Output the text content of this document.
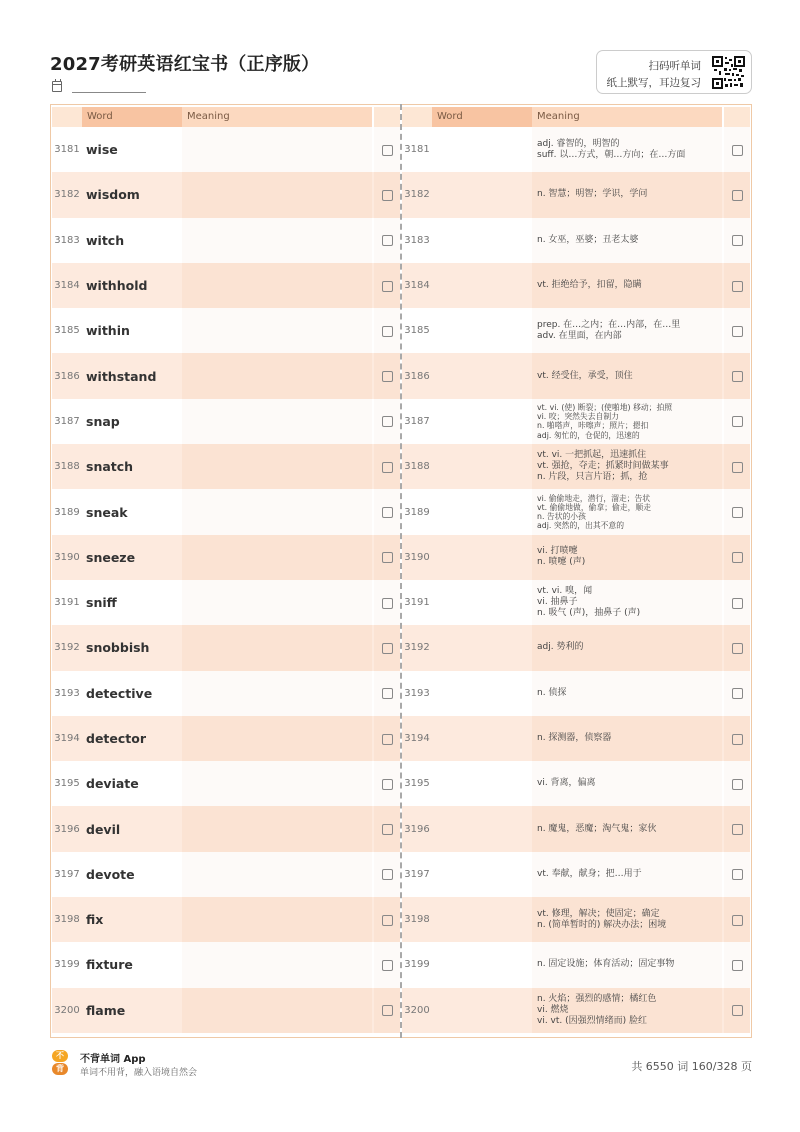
2027考研英语红宝书（正序版）	扫码听单词
纸上默写，耳边复习
Word	Meaning
3181 wise
3182 wisdom
3183 witch
3184 withhold
3185 within
3186 withstand
3187 snap
3188 snatch
3189 sneak
3190 sneeze
3191 sniff
3192 snobbish
3193 detective
3194 detector
3195 deviate
3196 devil
3197 devote
3198 fix
3199 fixture
3200 flame
Word	Meaning
3181
adj. 睿智的，明智的
suff. 以…方式，朝…方向；在…方面
3182	n. 智慧；明智；学识，学问
3183	n. 女巫，巫婆；丑老太婆
3184	vt. 拒绝给予，扣留，隐瞒
3185
prep. 在…之内；在…内部，在…里
adv. 在里面，在内部
3186	vt. 经受住，承受，顶住
3187
vt. vi. (使) 断裂；(使啪地) 移动；拍照
vi. 咬；突然失去自制力
n. 啪嗒声，咔嚓声；照片；摁扣
adj. 匆忙的，仓促的，迅速的
3188
vt. vi. 一把抓起，迅速抓住
vt. 强抢，夺走；抓紧时间做某事
n. 片段，只言片语；抓，抢
3189
vi. 偷偷地走，潜行，溜走；告状
vt. 偷偷地做，偷拿；偷走，顺走
n. 告状的小孩
adj. 突然的，出其不意的
3190
vi. 打喷嚏
n. 喷嚏 (声)
3191
vt. vi. 嗅，闻
vi. 抽鼻子
n. 吸气 (声)，抽鼻子 (声)
3192	adj. 势利的
3193	n. 侦探
3194	n. 探测器，侦察器
3195	vi. 背离，偏离
3196	n. 魔鬼，恶魔；淘气鬼；家伙
3197	vt. 奉献，献身；把…用于
3198
vt. 修理，解决；使固定；确定
n. (简单暂时的) 解决办法；困境
3199	n. 固定设施；体育活动；固定事物
3200
n. 火焰；强烈的感情；橘红色
vi. 燃烧
vi. vt. (因强烈情绪而) 脸红
不
背
不背单词 App
单词不用背，融入语境自然会	共 6550 词 160/328 页
